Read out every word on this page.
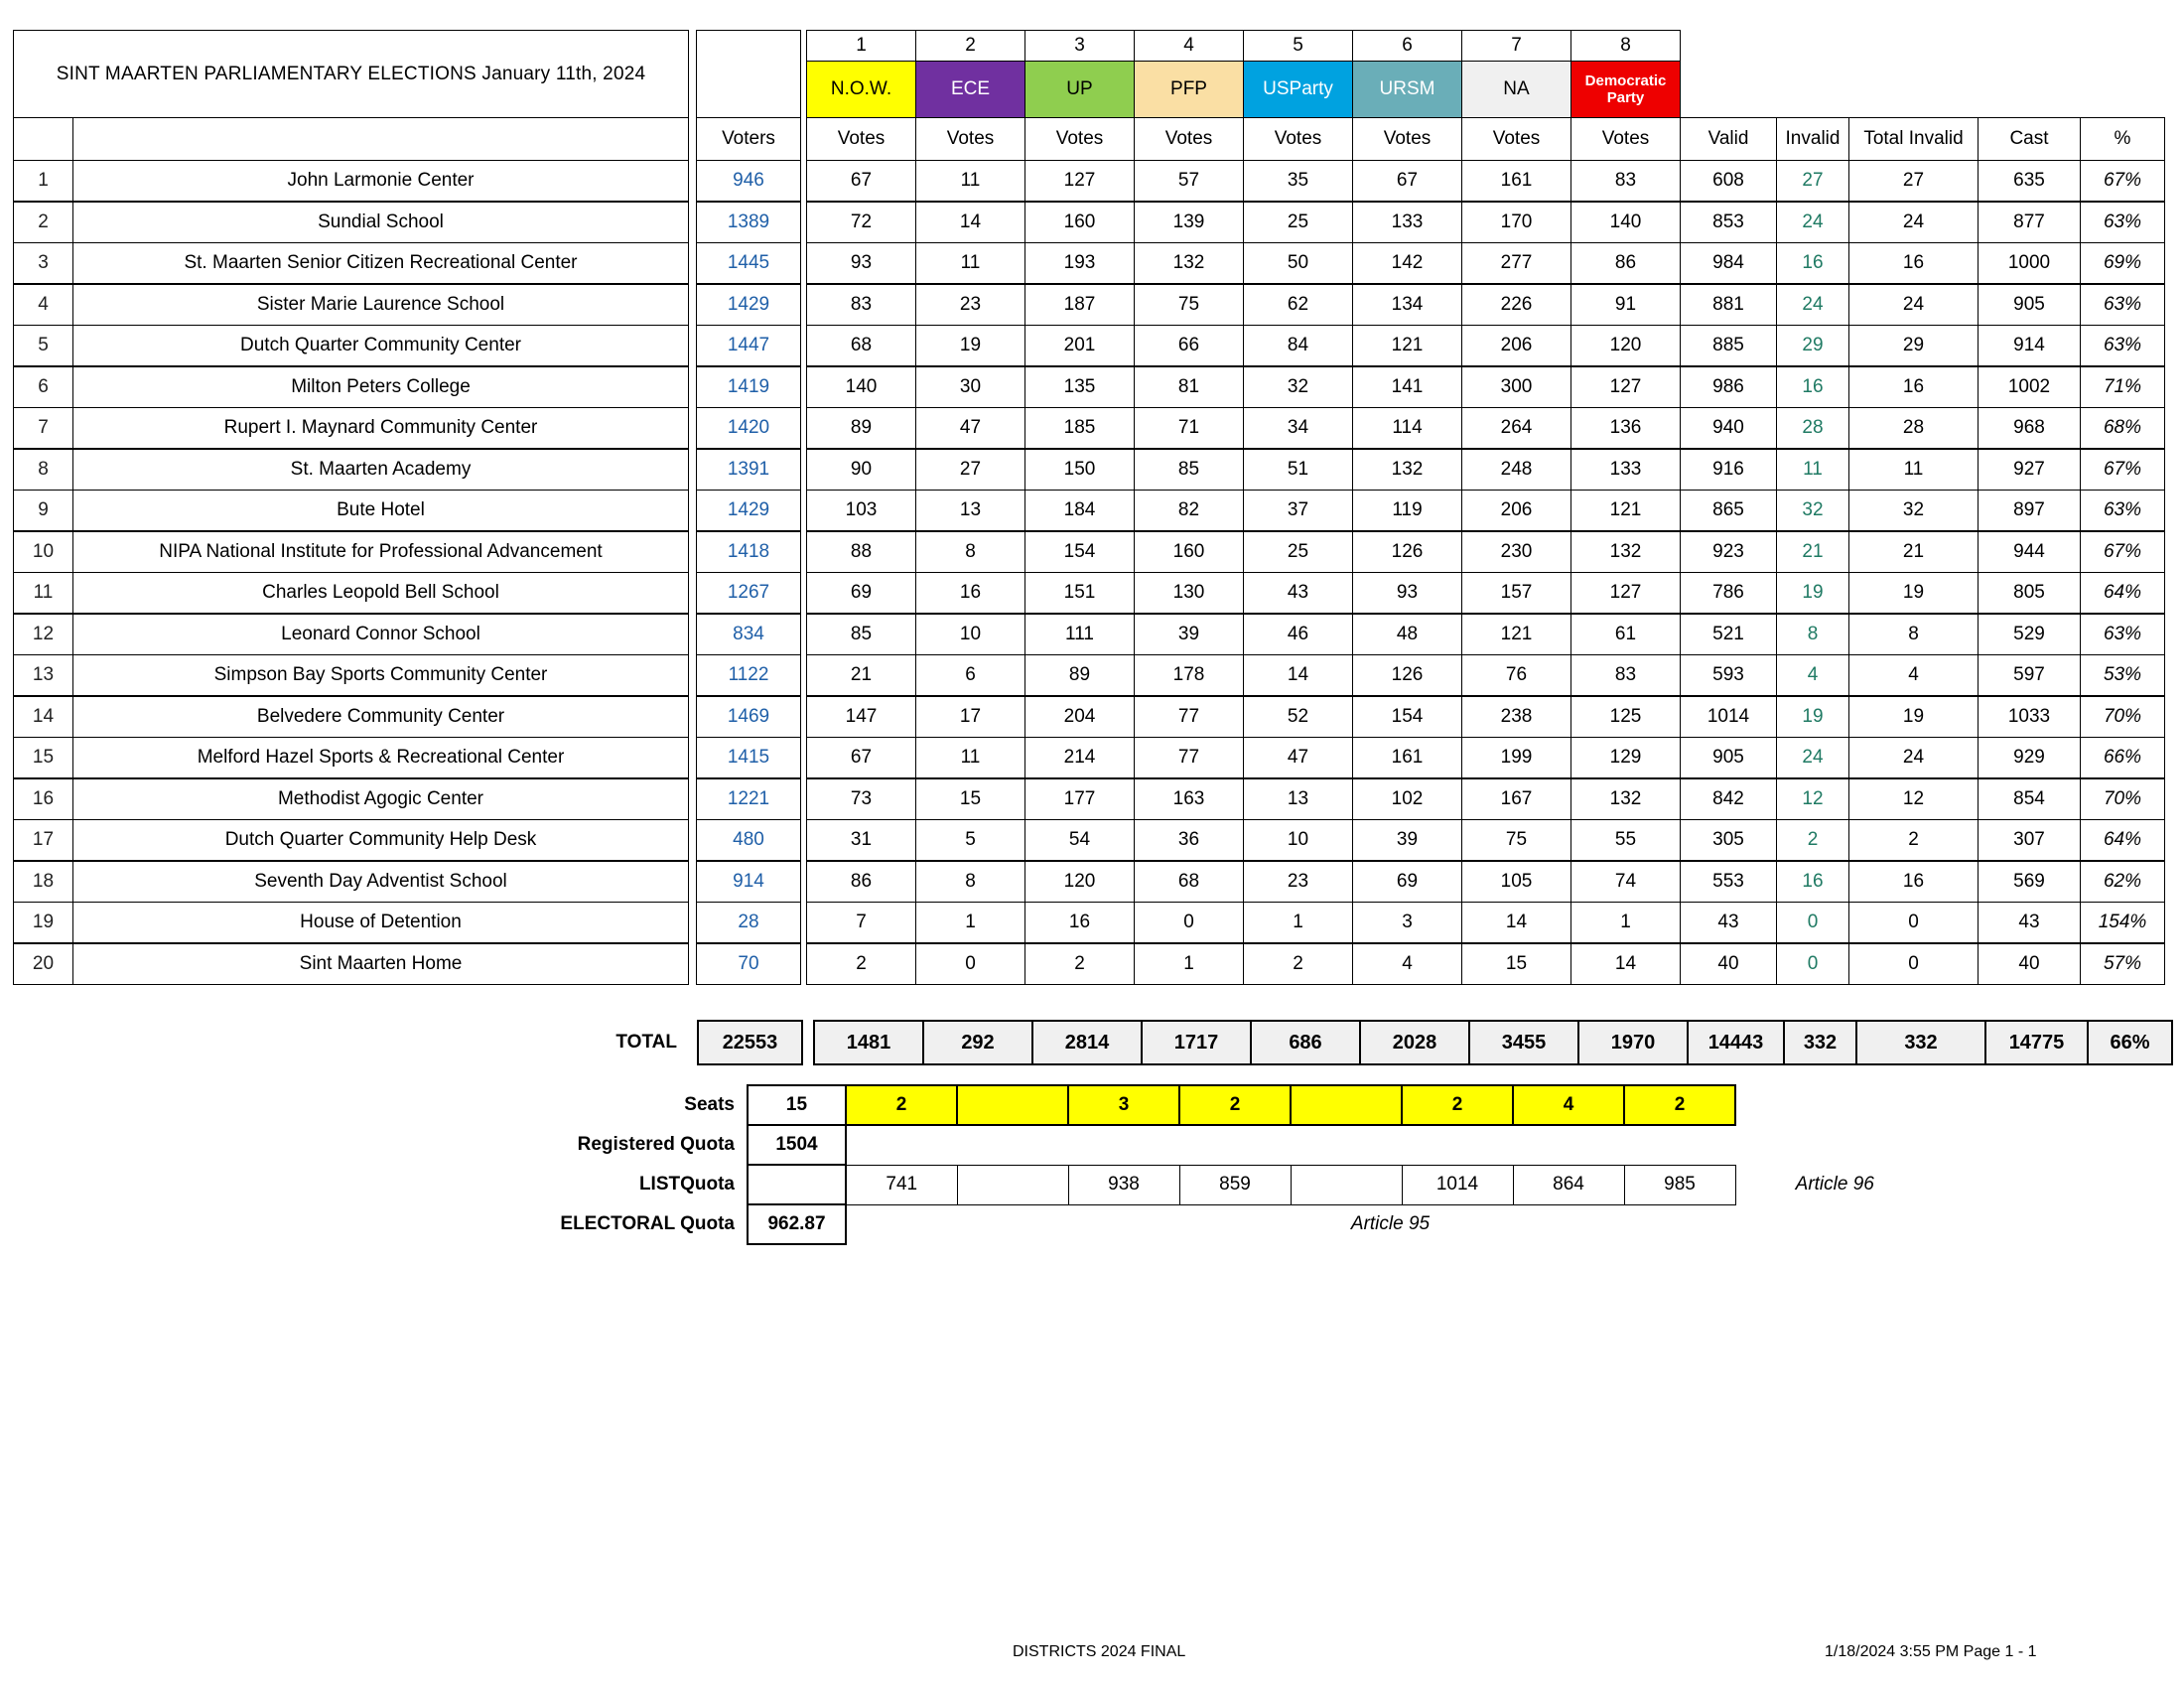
SINT MAARTEN PARLIAMENTARY ELECTIONS January 11th, 2024					1	2	3	4	5	6	7	8					
					N.O.W.	ECE	UP	PFP	USParty	URSM	NA	Democratic Party					
			Voters		Votes	Votes	Votes	Votes	Votes	Votes	Votes	Votes	Valid	Invalid	Total Invalid	Cast	%
1	John Larmonie Center		946		67	11	127	57	35	67	161	83	608	27	27	635	67%
2	Sundial School		1389		72	14	160	139	25	133	170	140	853	24	24	877	63%
3	St. Maarten Senior Citizen Recreational Center		1445		93	11	193	132	50	142	277	86	984	16	16	1000	69%
4	Sister Marie Laurence School		1429		83	23	187	75	62	134	226	91	881	24	24	905	63%
5	Dutch Quarter Community Center		1447		68	19	201	66	84	121	206	120	885	29	29	914	63%
6	Milton Peters College		1419		140	30	135	81	32	141	300	127	986	16	16	1002	71%
7	Rupert I. Maynard Community Center		1420		89	47	185	71	34	114	264	136	940	28	28	968	68%
8	St. Maarten Academy		1391		90	27	150	85	51	132	248	133	916	11	11	927	67%
9	Bute Hotel		1429		103	13	184	82	37	119	206	121	865	32	32	897	63%
10	NIPA National Institute for Professional Advancement		1418		88	8	154	160	25	126	230	132	923	21	21	944	67%
11	Charles Leopold Bell School		1267		69	16	151	130	43	93	157	127	786	19	19	805	64%
12	Leonard Connor School		834		85	10	111	39	46	48	121	61	521	8	8	529	63%
13	Simpson Bay Sports Community Center		1122		21	6	89	178	14	126	76	83	593	4	4	597	53%
14	Belvedere Community Center		1469		147	17	204	77	52	154	238	125	1014	19	19	1033	70%
15	Melford Hazel Sports & Recreational Center		1415		67	11	214	77	47	161	199	129	905	24	24	929	66%
16	Methodist Agogic Center		1221		73	15	177	163	13	102	167	132	842	12	12	854	70%
17	Dutch Quarter Community Help Desk		480		31	5	54	36	10	39	75	55	305	2	2	307	64%
18	Seventh Day Adventist School		914		86	8	120	68	23	69	105	74	553	16	16	569	62%
19	House of Detention		28		7	1	16	0	1	3	14	1	43	0	0	43	154%
20	Sint Maarten Home		70		2	0	2	1	2	4	15	14	40	0	0	40	57%
TOTAL		22553		1481	292	2814	1717	686	2028	3455	1970	14443	332	332	14775	66%
Seats	15	2		3	2		2	4	2	
Registered Quota	1504									
LISTQuota		741		938	859		1014	864	985	Article 96
ELECTORAL Quota	962.87	Article 95								
DISTRICTS 2024 FINAL	1/18/2024 3:55 PM Page 1 - 1
